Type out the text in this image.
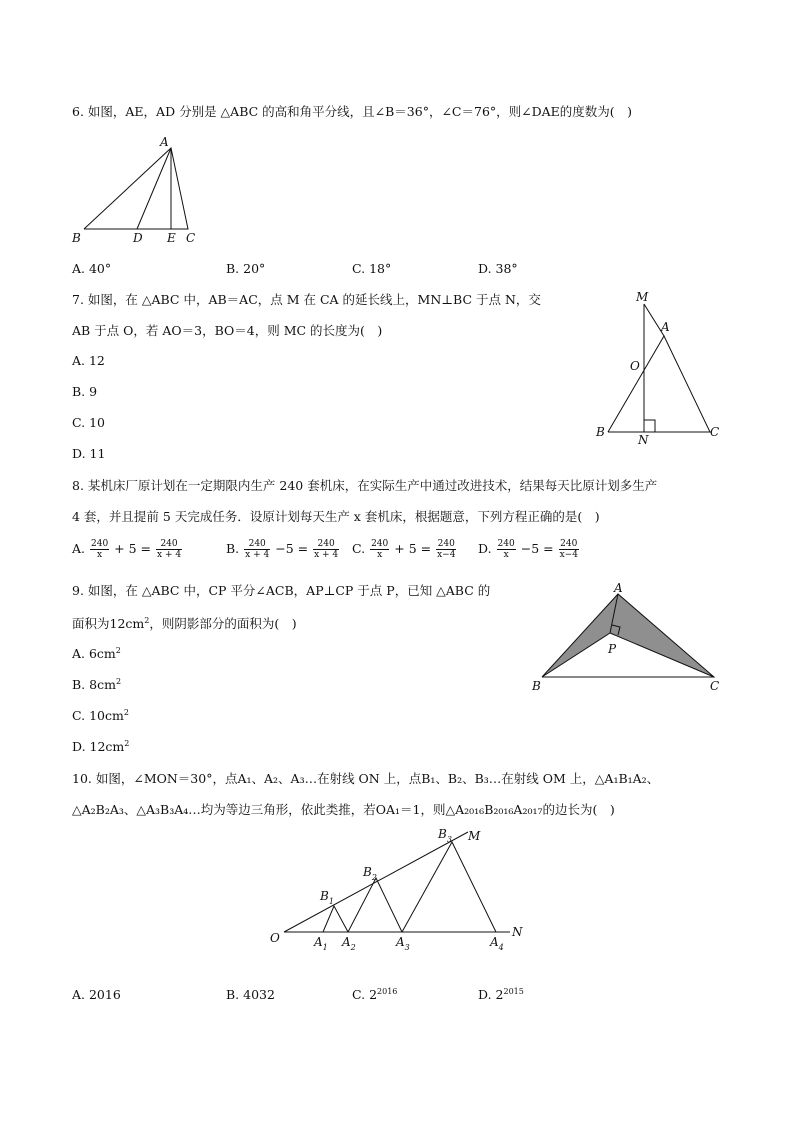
6. 如图，AE，AD 分别是 △ABC 的高和角平分线，且∠B＝36°，∠C＝76°，则∠DAE的度数为(　)
A
B	D E C
A. 40°	B. 20°	C. 18°	D. 38°
7. 如图，在 △ABC 中，AB＝AC，点 M 在 CA 的延长线上，MN⊥BC 于点 N，交
AB 于点 O，若 AO＝3，BO＝4，则 MC 的长度为(　)
M
A
O
B
N
C
A. 12
B. 9
C. 10
D. 11
8. 某机床厂原计划在一定期限内生产 240 套机床，在实际生产中通过改进技术，结果每天比原计划多生产
4 套，并且提前 5 天完成任务．设原计划每天生产 x 套机床，根据题意，下列方程正确的是(　)
A. $\frac{240}{x} + 5 = \frac{240}{x + 4}$	B. $\frac{240}{x + 4} -5 = \frac{240}{x + 4} C$. $\frac{240}{x} + 5 = \frac{240}{x-4} D$. $\frac{240}{x} -5 = \frac{240}{x-4}$
9. 如图，在 △ABC 中，CP 平分∠ACB，AP⊥CP 于点 P，已知 △ABC 的
面积为$12cm^2$，则阴影部分的面积为(　)
A
P
B	C
A. $6cm^2$
B. $8cm^2$
C. $10cm^2$
D. $12cm^2$
10. 如图，∠MON＝30°，点A₁、A₂、A₃…在射线 ON 上，点B₁、B₂、B₃…在射线 OM 上，△A₁B₁A₂、
△A₂B₂A₃、△A₃B₃A₄…均为等边三角形，依此类推，若OA₁＝1，则△A₂₀₁₆B₂₀₁₆A₂₀₁₇的边长为(　)
O
M
N
$A_1$ $A_2$	$A_3$	$A_4$
$B_1$
$B_2$
$B_3$
A. 2016	B. 4032	C. $2^{2016}$	D. $2^{2015}$
